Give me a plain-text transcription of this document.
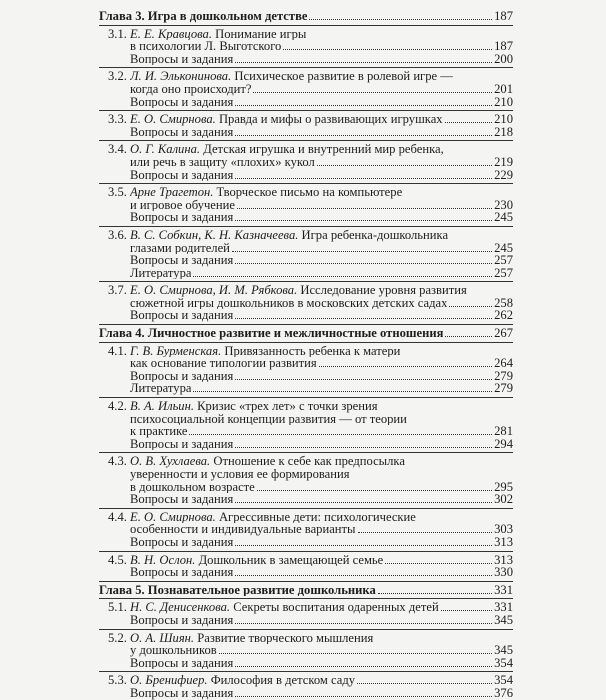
Глава 3. Игра в дошкольном детстве	187
3.1. Е. Е. Кравцова. Понимание игры
в психологии Л. Выготского	187
Вопросы и задания	200
3.2. Л. И. Эльконинова. Психическое развитие в ролевой игре —
когда оно происходит?	201
Вопросы и задания	210
3.3. Е. О. Смирнова. Правда и мифы о развивающих игрушках	210
Вопросы и задания	218
3.4. О. Г. Калина. Детская игрушка и внутренний мир ребенка,
или речь в защиту «плохих» кукол	219
Вопросы и задания	229
3.5. Арне Трагетон. Творческое письмо на компьютере
и игровое обучение	230
Вопросы и задания	245
3.6. В. С. Собкин, К. Н. Казначеева. Игра ребенка-дошкольника
глазами родителей	245
Вопросы и задания	257
Литература	257
3.7. Е. О. Смирнова, И. М. Рябкова. Исследование уровня развития
сюжетной игры дошкольников в московских детских садах	258
Вопросы и задания	262
Глава 4. Личностное развитие и межличностные отношения	267
4.1. Г. В. Бурменская. Привязанность ребенка к матери
как основание типологии развития	264
Вопросы и задания	279
Литература	279
4.2. В. А. Ильин. Кризис «трех лет» с точки зрения
психосоциальной концепции развития — от теории
к практике	281
Вопросы и задания	294
4.3. О. В. Хухлаева. Отношение к себе как предпосылка
уверенности и условия ее формирования
в дошкольном возрасте	295
Вопросы и задания	302
4.4. Е. О. Смирнова. Агрессивные дети: психологические
особенности и индивидуальные варианты	303
Вопросы и задания	313
4.5. В. Н. Ослон. Дошкольник в замещающей семье	313
Вопросы и задания	330
Глава 5. Познавательное развитие дошкольника	331
5.1. Н. С. Денисенкова. Секреты воспитания одаренных детей	331
Вопросы и задания	345
5.2. О. А. Шиян. Развитие творческого мышления
у дошкольников	345
Вопросы и задания	354
5.3. О. Бренифиер. Философия в детском саду	354
Вопросы и задания	376
